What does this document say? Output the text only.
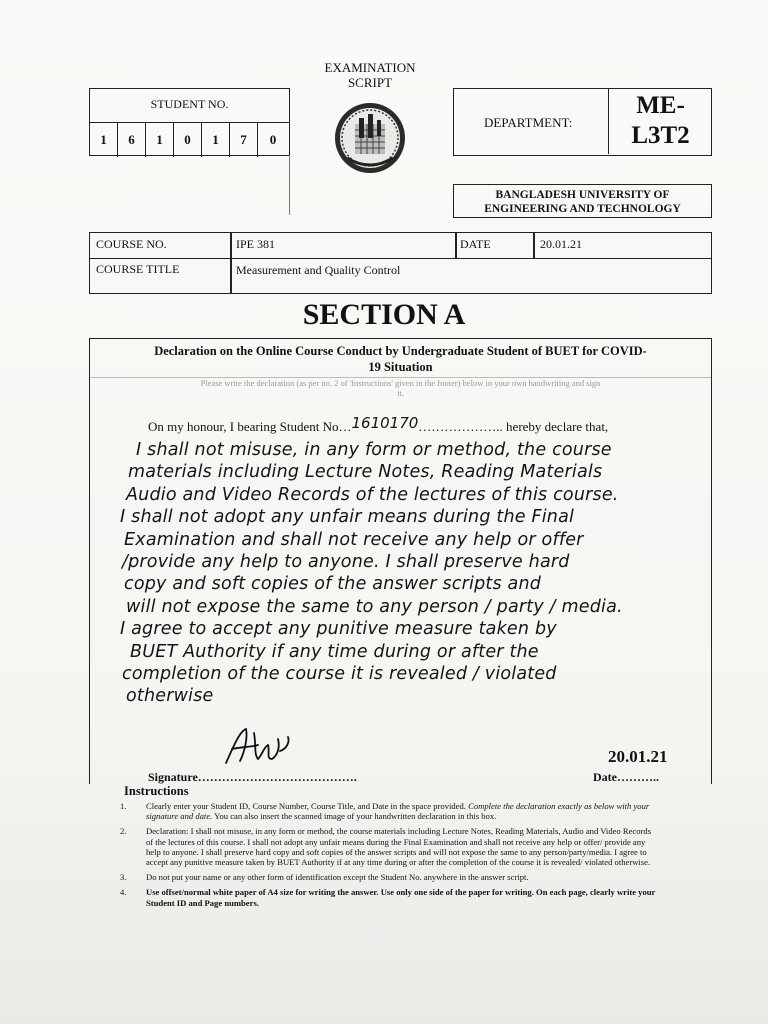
EXAMINATION
SCRIPT
STUDENT NO.
1	6	1	0	1	7	0
DEPARTMENT:
ME-
L3T2
BANGLADESH UNIVERSITY OF
ENGINEERING AND TECHNOLOGY
COURSE NO.	IPE 381	DATE	20.01.21
COURSE TITLE	Measurement and Quality Control
SECTION A
Declaration on the Online Course Conduct by Undergraduate Student of BUET for COVID-
19 Situation
Please write the declaration (as per no. 2 of 'Instructions' given in the footer) below in your own handwriting and sign
it.
On my honour, I bearing Student No…1610170……………….. hereby declare that,
I shall not misuse, in any form or method, the course
materials including Lecture Notes, Reading Materials
Audio and Video Records of the lectures of this course.
I shall not adopt any unfair means during the Final
Examination and shall not receive any help or offer
/provide any help to anyone. I shall preserve hard
copy and soft copies of the answer scripts and
will not expose the same to any person / party / media.
I agree to accept any punitive measure taken by
BUET Authority if any time during or after the
completion of the course it is revealed / violated
otherwise
Signature………………………………….
20.01.21
Date………..
Instructions
1.	Clearly enter your Student ID, Course Number, Course Title, and Date in the space provided. Complete the declaration exactly as below with your signature and date. You can also insert the scanned image of your handwritten declaration in this box.
2.	Declaration: I shall not misuse, in any form or method, the course materials including Lecture Notes, Reading Materials, Audio and Video Records of the lectures of this course. I shall not adopt any unfair means during the Final Examination and shall not receive any help or offer/ provide any help to anyone. I shall preserve hard copy and soft copies of the answer scripts and will not expose the same to any person/party/media. I agree to accept any punitive measure taken by BUET Authority if at any time during or after the completion of the course it is revealed/ violated otherwise.
3.	Do not put your name or any other form of identification except the Student No. anywhere in the answer script.
4.	Use offset/normal white paper of A4 size for writing the answer. Use only one side of the paper for writing. On each page, clearly write your Student ID and Page numbers.
